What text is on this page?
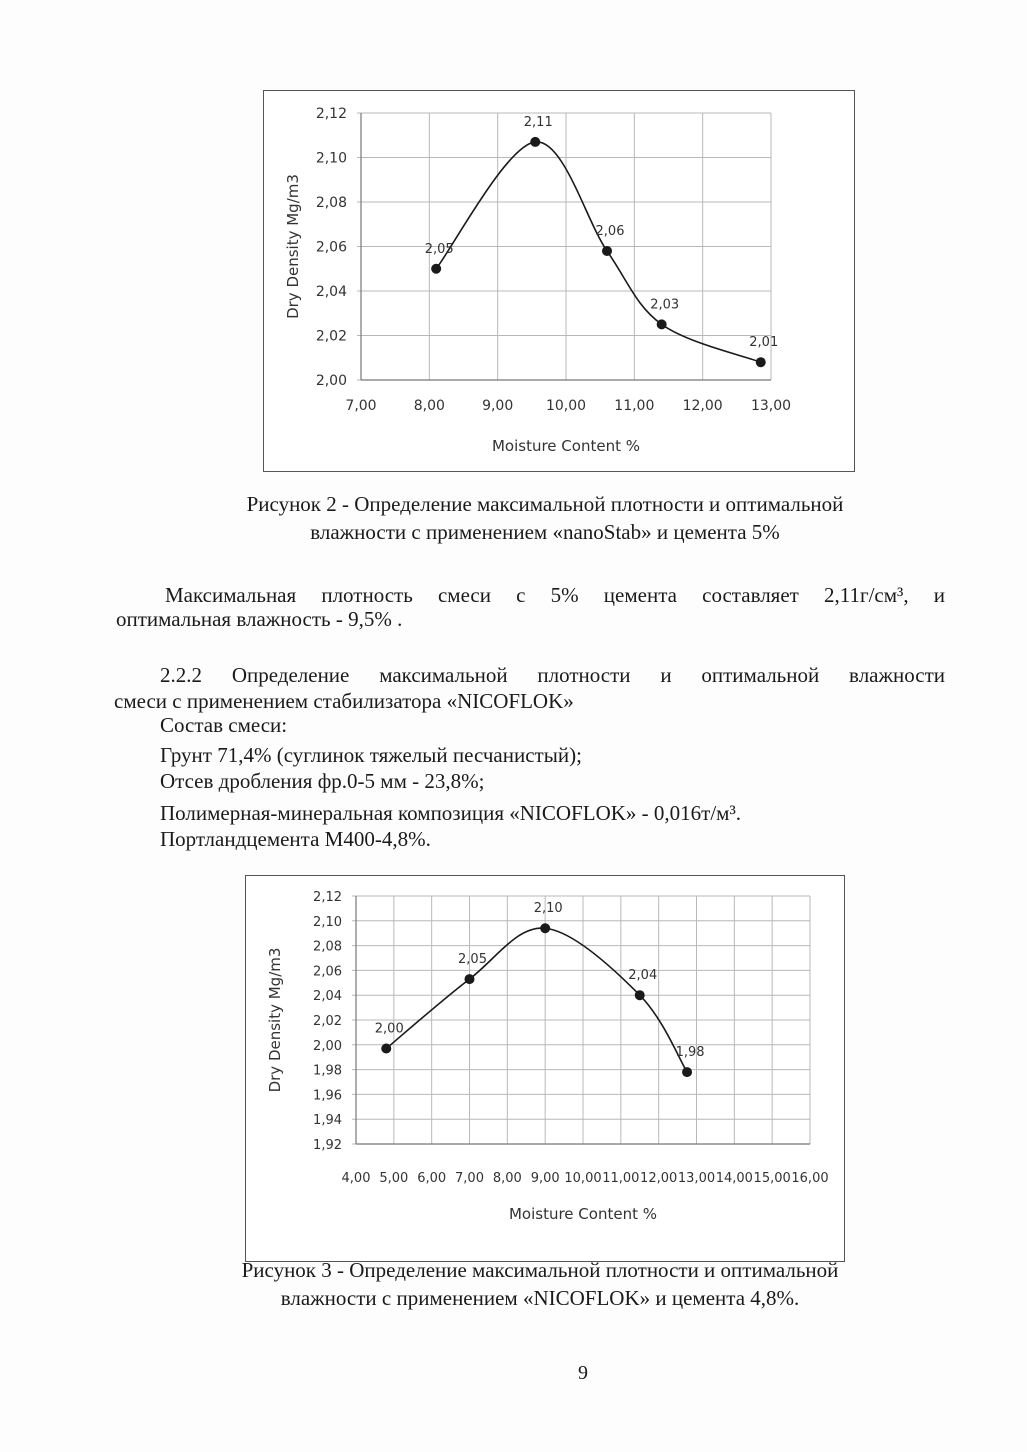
7,00	8,00	9,00 10,00 11,00 12,00 13,00
2,00
2,02
2,04
2,06
2,08
2,10
2,12
2,05
2,11
2,06
2,03
2,01
Moisture Content %
Dry Density Mg/m3
Рисунок 2 - Определение максимальной плотности и оптимальной
влажности с применением «nanoStab» и цемента 5%
Максимальная плотность смеси с 5% цемента составляет 2,11г/см³, и
оптимальная влажность - 9,5% .
2.2.2 Определение максимальной плотности и оптимальной влажности
смеси с применением стабилизатора «NICOFLOK»
Состав смеси:
Грунт 71,4% (суглинок тяжелый песчанистый);
Отсев дробления фр.0-5 мм - 23,8%;
Полимерная-минеральная композиция «NICOFLOK» - 0,016т/м³.
Портландцемента М400-4,8%.
4,00 5,00 6,00 7,00 8,00 9,00 10,00 11,00 12,00 13,00 14,00 15,00 16,00
1,92
1,94
1,96
1,98
2,00
2,02
2,04
2,06
2,08
2,10
2,12
2,00
2,05
2,10
2,04
1,98
Moisture Content %
Dry Density Mg/m3
Рисунок 3 - Определение максимальной плотности и оптимальной
влажности с применением «NICOFLOK» и цемента 4,8%.
9
